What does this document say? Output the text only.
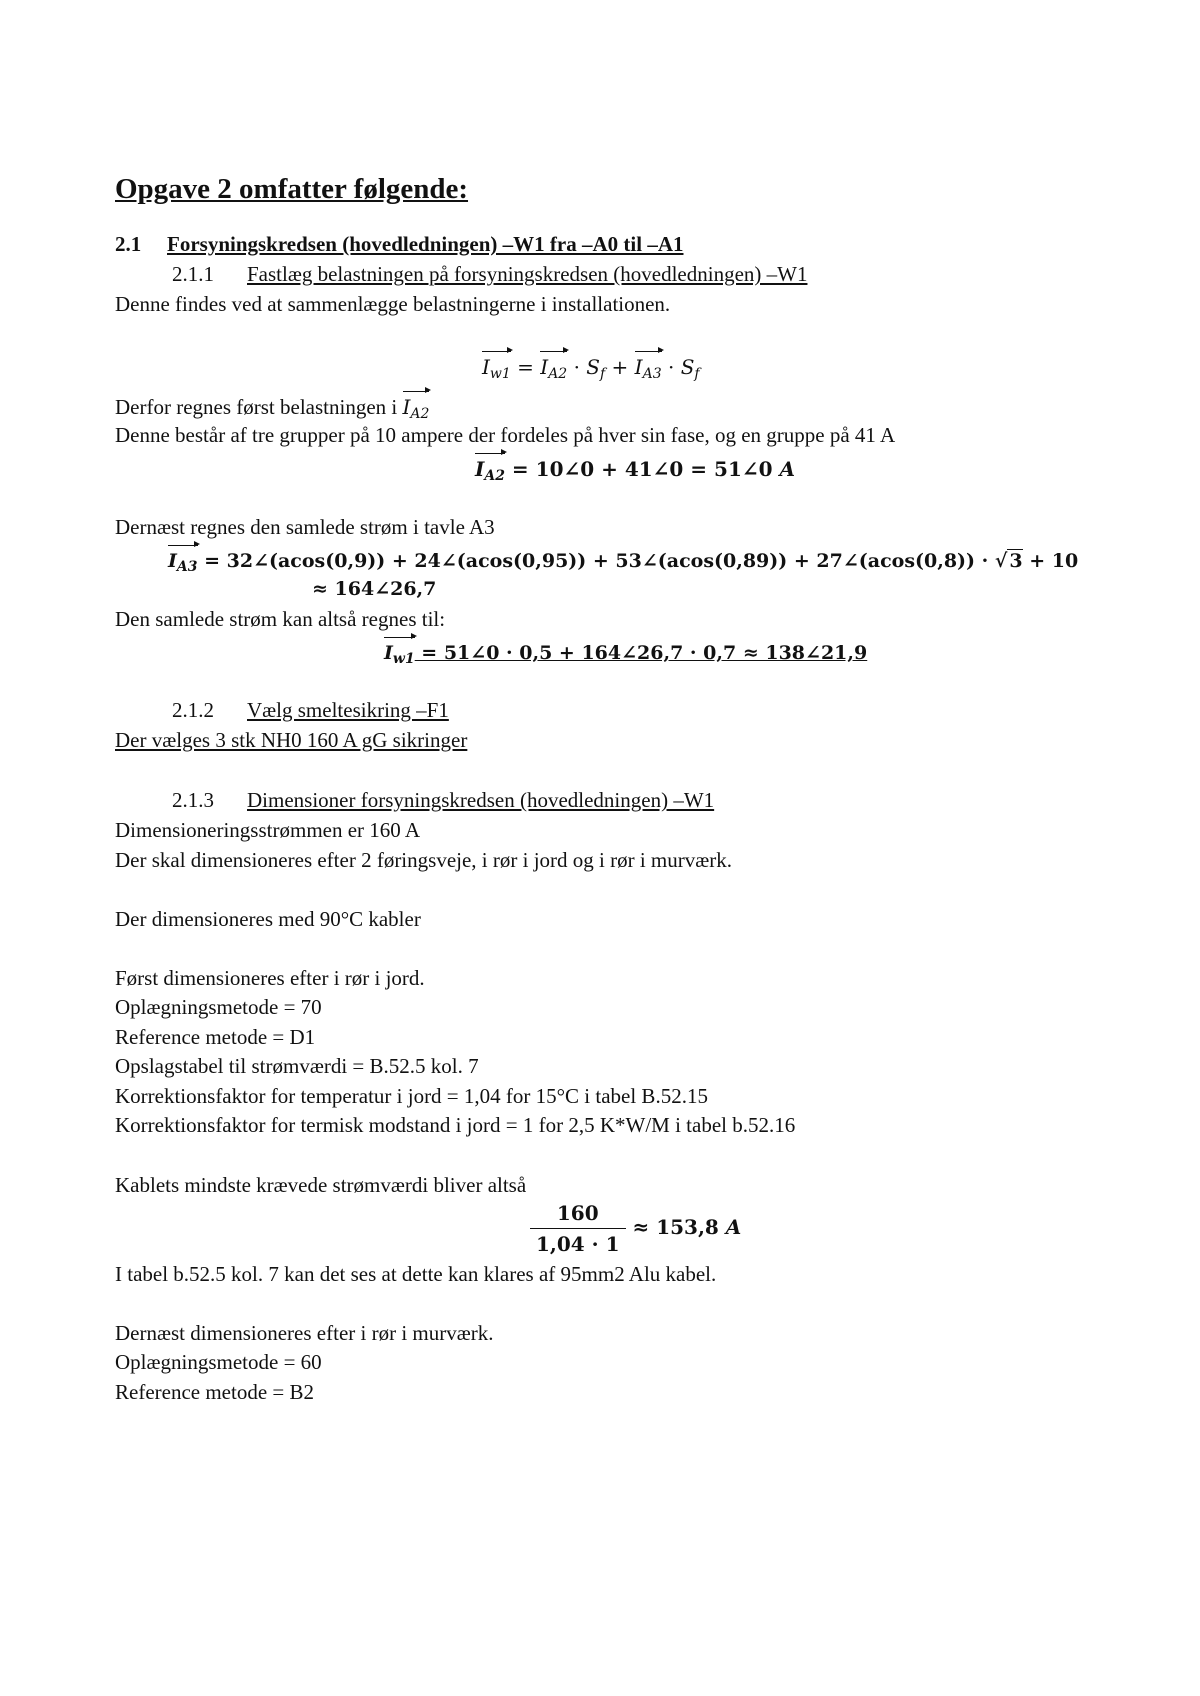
Opgave 2 omfatter følgende:
2.1 Forsyningskredsen (hovedledningen) –W1 fra –A0 til –A1
2.1.1 Fastlæg belastningen på forsyningskredsen (hovedledningen) –W1
Denne findes ved at sammenlægge belastningerne i installationen.
$I_{w1} = I_{A2} \cdot S_f + I_{A3} \cdot S_f$
Derfor regnes først belastningen i $I_{A2}$
Denne består af tre grupper på 10 ampere der fordeles på hver sin fase, og en gruppe på 41 A
$I_{A2}$ = 10∠0 + 41∠0 = 51∠0 A
Dernæst regnes den samlede strøm i tavle A3
$I_{A3}$ = 32∠(acos(0,9)) + 24∠(acos(0,95)) + 53∠(acos(0,89)) + 27∠(acos(0,8)) · √ 3 + 10
≈ 164∠26,7
Den samlede strøm kan altså regnes til:
$I_{w1}$ = 51∠0 · 0,5 + 164∠26,7 · 0,7 ≈ 138∠21,9
2.1.2 Vælg smeltesikring –F1
Der vælges 3 stk NH0 160 A gG sikringer
2.1.3 Dimensioner forsyningskredsen (hovedledningen) –W1
Dimensioneringsstrømmen er 160 A
Der skal dimensioneres efter 2 føringsveje, i rør i jord og i rør i murværk.
Der dimensioneres med 90°C kabler
Først dimensioneres efter i rør i jord.
Oplægningsmetode = 70
Reference metode = D1
Opslagstabel til strømværdi = B.52.5 kol. 7
Korrektionsfaktor for temperatur i jord = 1,04 for 15°C i tabel B.52.15
Korrektionsfaktor for termisk modstand i jord = 1 for 2,5 K*W/M i tabel b.52.16
Kablets mindste krævede strømværdi bliver altså
$\frac{160}{1,04 \cdot 1} \approx 153,8$ A
I tabel b.52.5 kol. 7 kan det ses at dette kan klares af 95mm2 Alu kabel.
Dernæst dimensioneres efter i rør i murværk.
Oplægningsmetode = 60
Reference metode = B2
